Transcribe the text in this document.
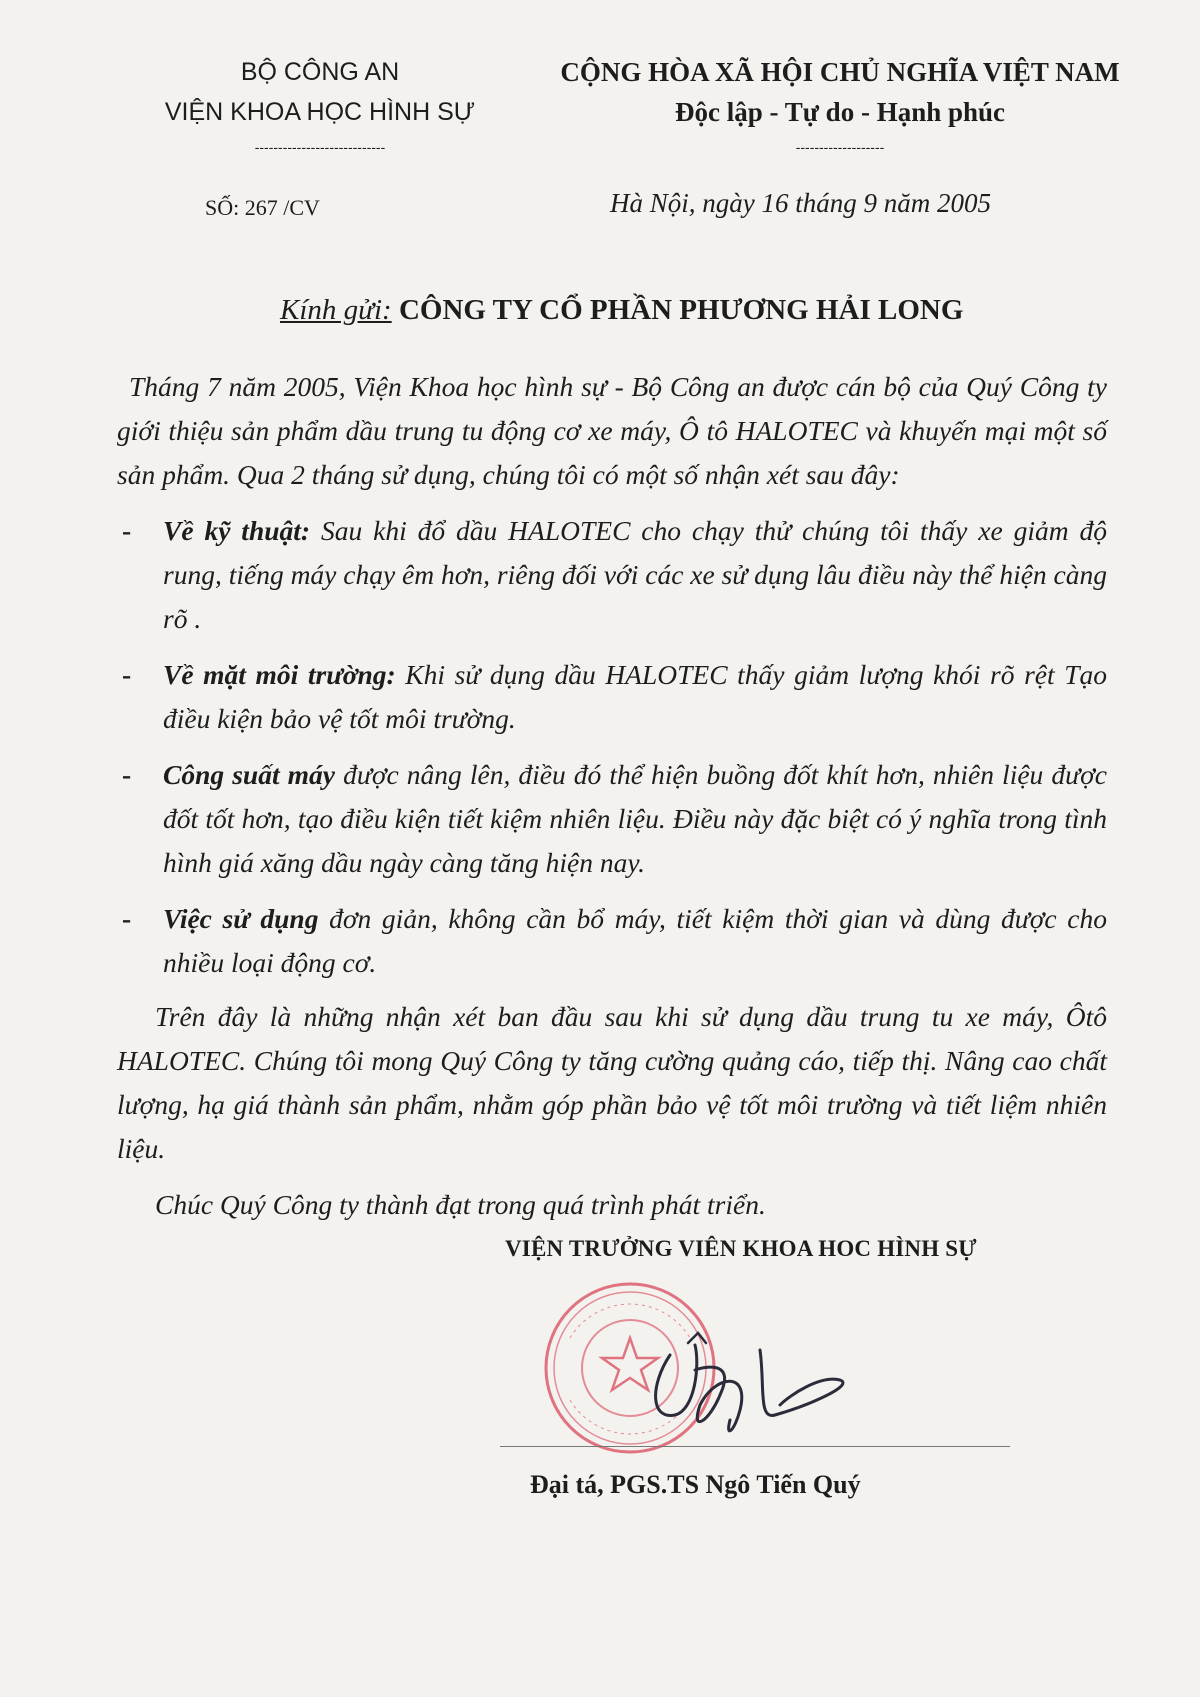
BỘ CÔNG AN
VIỆN KHOA HỌC HÌNH SỰ
----------------------------
CỘNG HÒA XÃ HỘI CHỦ NGHĨA VIỆT NAM
Độc lập - Tự do - Hạnh phúc
-------------------
SỐ: 267 /CV	Hà Nội, ngày 16 tháng 9 năm 2005
Kính gửi: CÔNG TY CỔ PHẦN PHƯƠNG HẢI LONG

Tháng 7 năm 2005, Viện Khoa học hình sự - Bộ Công an được cán bộ của Quý Công ty giới thiệu sản phẩm dầu trung tu động cơ xe máy, Ô tô HALOTEC và khuyến mại một số sản phẩm. Qua 2 tháng sử dụng, chúng tôi có một số nhận xét sau đây:

- Về kỹ thuật: Sau khi đổ dầu HALOTEC cho chạy thử chúng tôi thấy xe giảm độ rung, tiếng máy chạy êm hơn, riêng đối với các xe sử dụng lâu điều này thể hiện càng rõ .

- Về mặt môi trường: Khi sử dụng dầu HALOTEC thấy giảm lượng khói rõ rệt Tạo điều kiện bảo vệ tốt môi trường.

- Công suất máy được nâng lên, điều đó thể hiện buồng đốt khít hơn, nhiên liệu được đốt tốt hơn, tạo điều kiện tiết kiệm nhiên liệu. Điều này đặc biệt có ý nghĩa trong tình hình giá xăng dầu ngày càng tăng hiện nay.

- Việc sử dụng đơn giản, không cần bổ máy, tiết kiệm thời gian và dùng được cho nhiều loại động cơ.

Trên đây là những nhận xét ban đầu sau khi sử dụng dầu trung tu xe máy, Ôtô HALOTEC. Chúng tôi mong Quý Công ty tăng cường quảng cáo, tiếp thị. Nâng cao chất lượng, hạ giá thành sản phẩm, nhằm góp phần bảo vệ tốt môi trường và tiết liệm nhiên liệu.

Chúc Quý Công ty thành đạt trong quá trình phát triển.

VIỆN TRƯỞNG VIÊN KHOA HOC HÌNH SỰ
Đại tá, PGS.TS Ngô Tiến Quý
